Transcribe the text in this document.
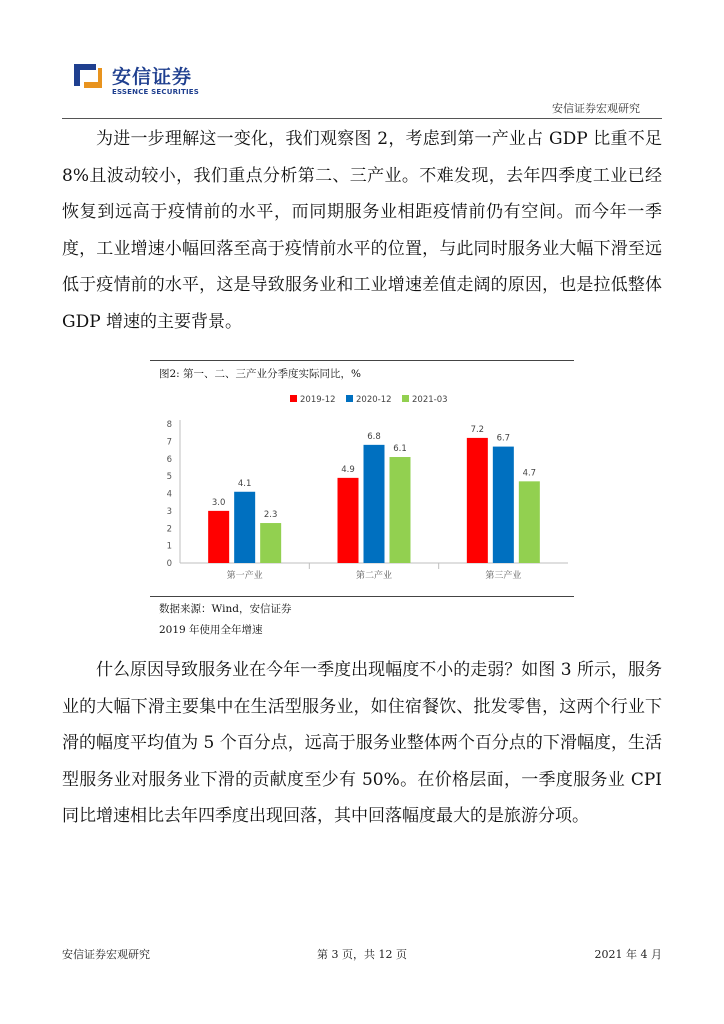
安信证券
ESSENCE SECURITIES
安信证券宏观研究

为进一步理解这一变化，我们观察图 2，考虑到第一产业占 GDP 比重不足 8%且波动较小，我们重点分析第二、三产业。不难发现，去年四季度工业已经恢复到远高于疫情前的水平，而同期服务业相距疫情前仍有空间。而今年一季度，工业增速小幅回落至高于疫情前水平的位置，与此同时服务业大幅下滑至远低于疫情前的水平，这是导致服务业和工业增速差值走阔的原因，也是拉低整体 GDP 增速的主要背景。

图2: 第一、二、三产业分季度实际同比，%
2019-12 2020-12 2021-03
0
1
2
3
4
5
6
7
8
3.0
4.1
2.3
第一产业
4.9
6.8
6.1
第二产业
7.2
6.7
4.7
第三产业
数据来源：Wind，安信证券
2019 年使用全年增速

什么原因导致服务业在今年一季度出现幅度不小的走弱？如图 3 所示，服务业的大幅下滑主要集中在生活型服务业，如住宿餐饮、批发零售，这两个行业下滑的幅度平均值为 5 个百分点，远高于服务业整体两个百分点的下滑幅度，生活型服务业对服务业下滑的贡献度至少有 50%。在价格层面，一季度服务业 CPI 同比增速相比去年四季度出现回落，其中回落幅度最大的是旅游分项。

安信证券宏观研究	第 3 页，共 12 页	2021 年 4 月
